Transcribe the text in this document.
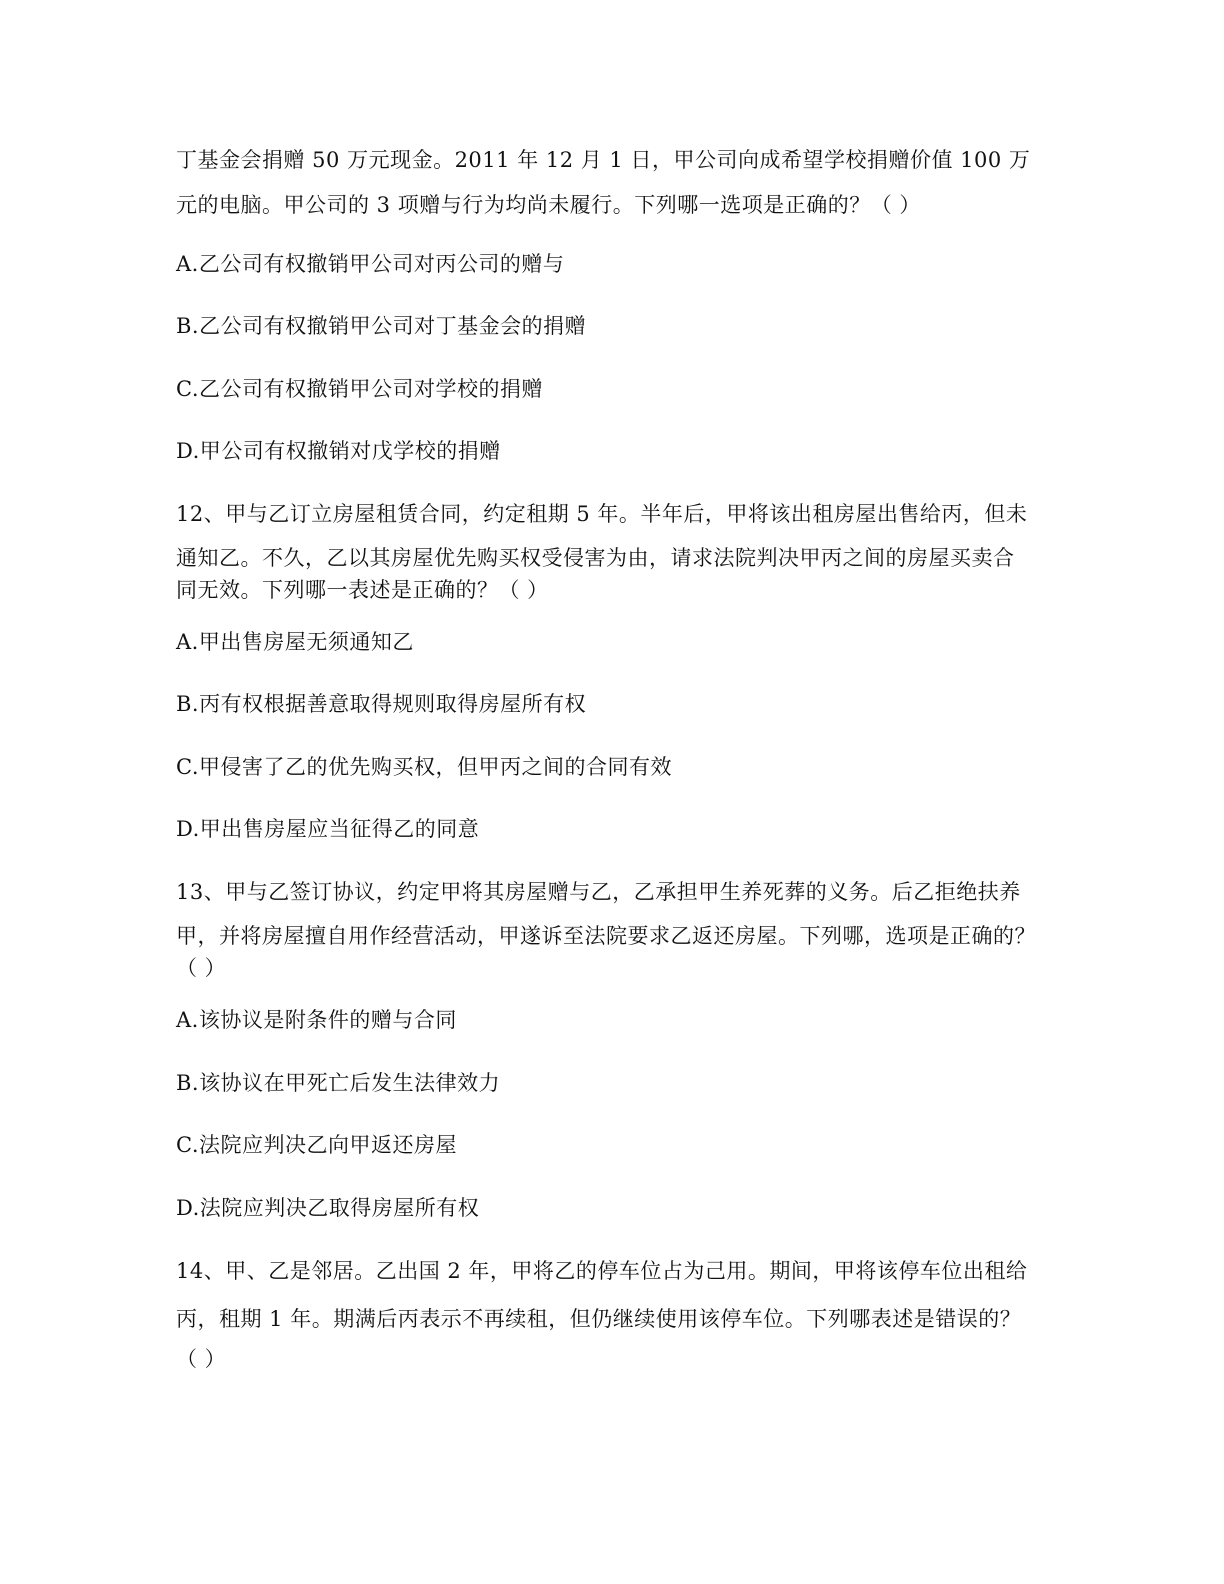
丁基金会捐赠 50 万元现金。2011 年 12 月 1 日，甲公司向成希望学校捐赠价值 100 万
元的电脑。甲公司的 3 项赠与行为均尚未履行。下列哪一选项是正确的？（ ）
A.乙公司有权撤销甲公司对丙公司的赠与
B.乙公司有权撤销甲公司对丁基金会的捐赠
C.乙公司有权撤销甲公司对学校的捐赠
D.甲公司有权撤销对戊学校的捐赠
12、甲与乙订立房屋租赁合同，约定租期 5 年。半年后，甲将该出租房屋出售给丙，但未
通知乙。不久，乙以其房屋优先购买权受侵害为由，请求法院判决甲丙之间的房屋买卖合
同无效。下列哪一表述是正确的？（ ）
A.甲出售房屋无须通知乙
B.丙有权根据善意取得规则取得房屋所有权
C.甲侵害了乙的优先购买权，但甲丙之间的合同有效
D.甲出售房屋应当征得乙的同意
13、甲与乙签订协议，约定甲将其房屋赠与乙，乙承担甲生养死葬的义务。后乙拒绝扶养
甲，并将房屋擅自用作经营活动，甲遂诉至法院要求乙返还房屋。下列哪，选项是正确的？
（ ）
A.该协议是附条件的赠与合同
B.该协议在甲死亡后发生法律效力
C.法院应判决乙向甲返还房屋
D.法院应判决乙取得房屋所有权
14、甲、乙是邻居。乙出国 2 年，甲将乙的停车位占为己用。期间，甲将该停车位出租给
丙，租期 1 年。期满后丙表示不再续租，但仍继续使用该停车位。下列哪表述是错误的？
（ ）
